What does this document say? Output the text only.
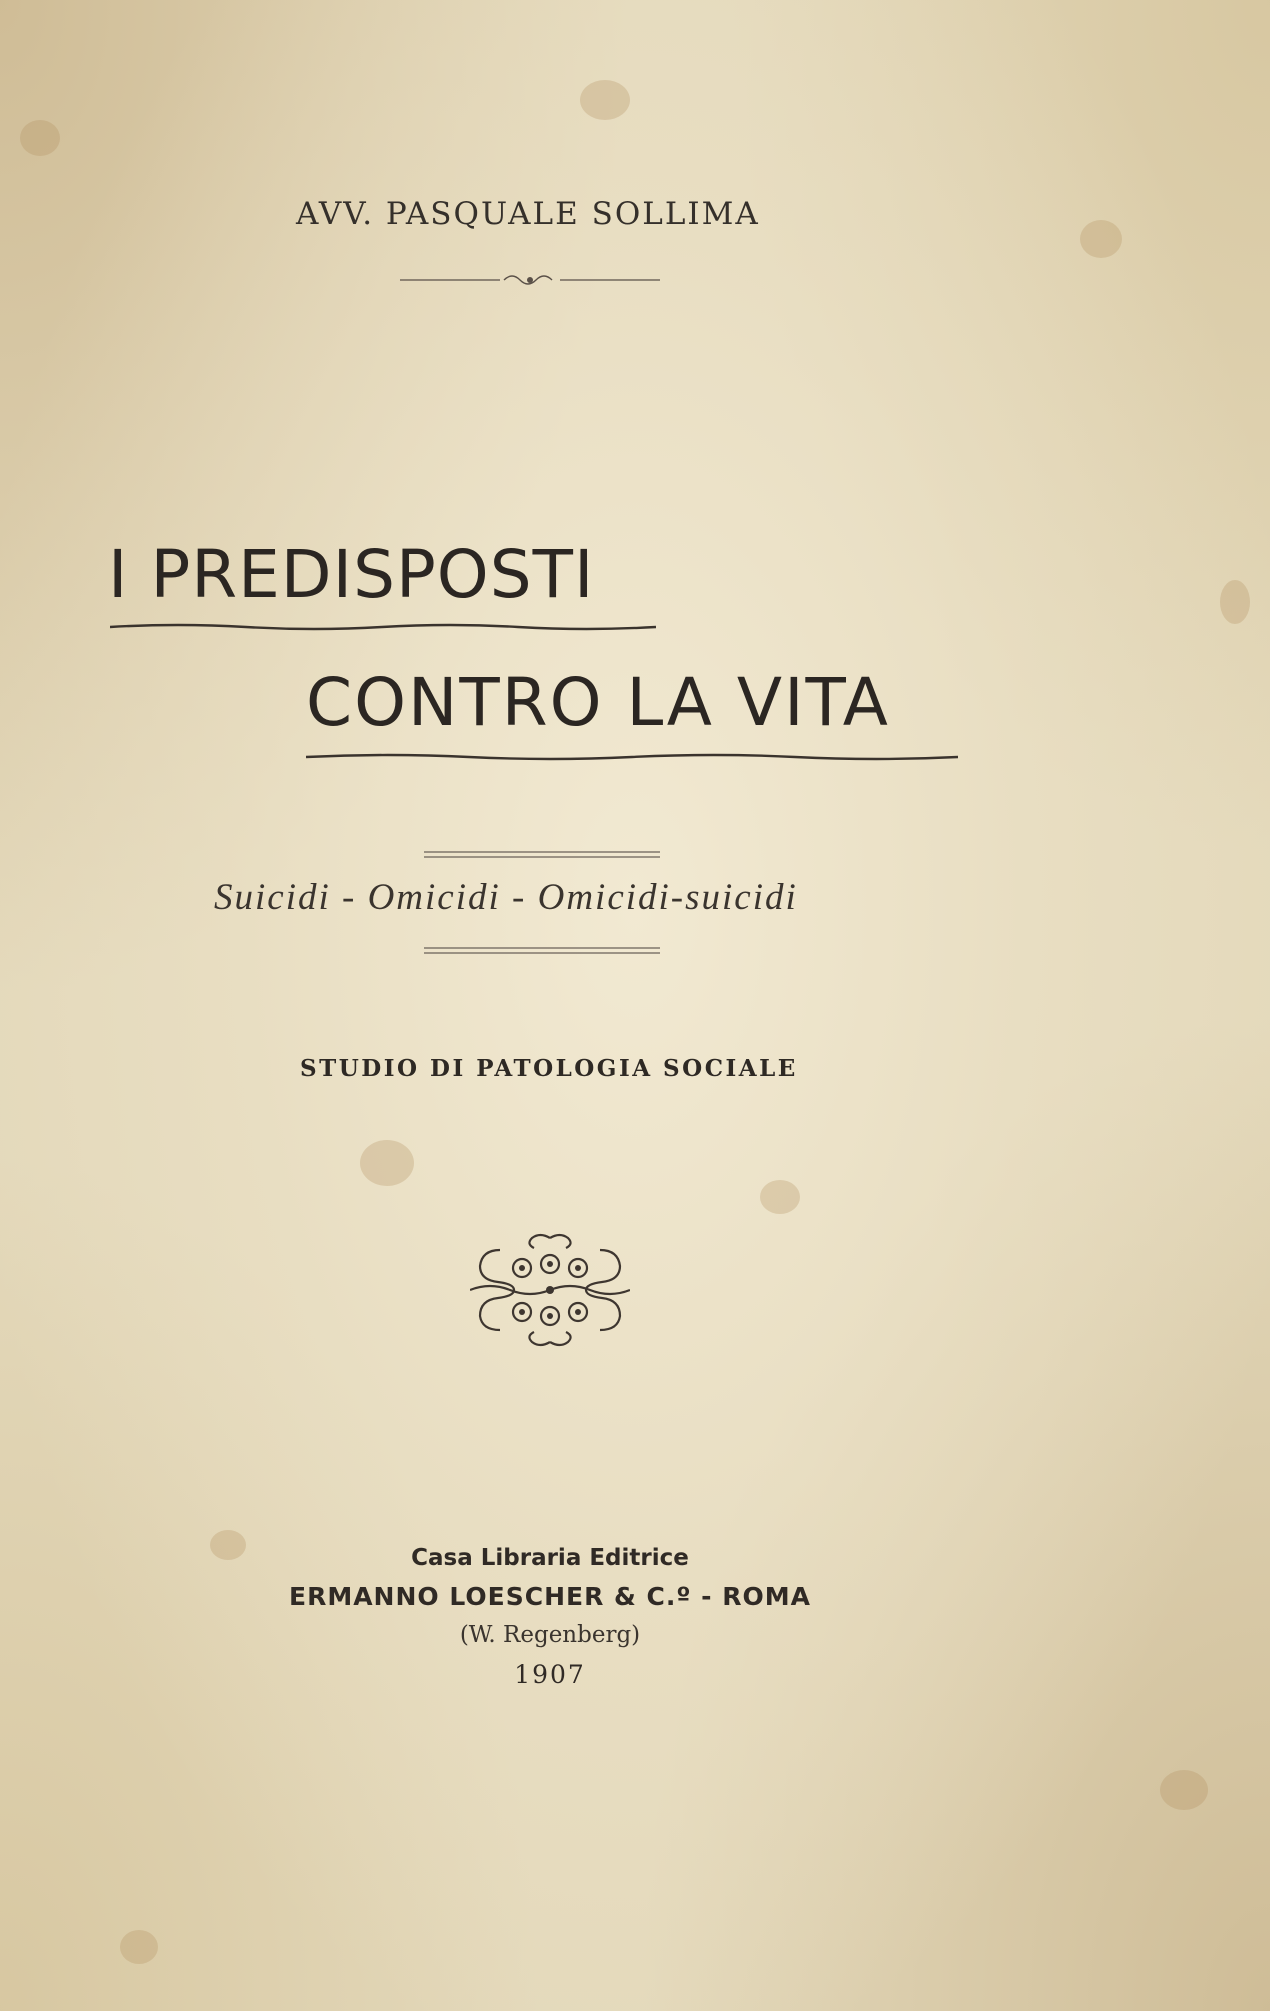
AVV. PASQUALE SOLLIMA
I PREDISPOSTI
CONTRO LA VITA
Suicidi - Omicidi - Omicidi-suicidi
STUDIO DI PATOLOGIA SOCIALE
Casa Libraria Editrice
ERMANNO LOESCHER & C.º - ROMA
(W. Regenberg)
1907
